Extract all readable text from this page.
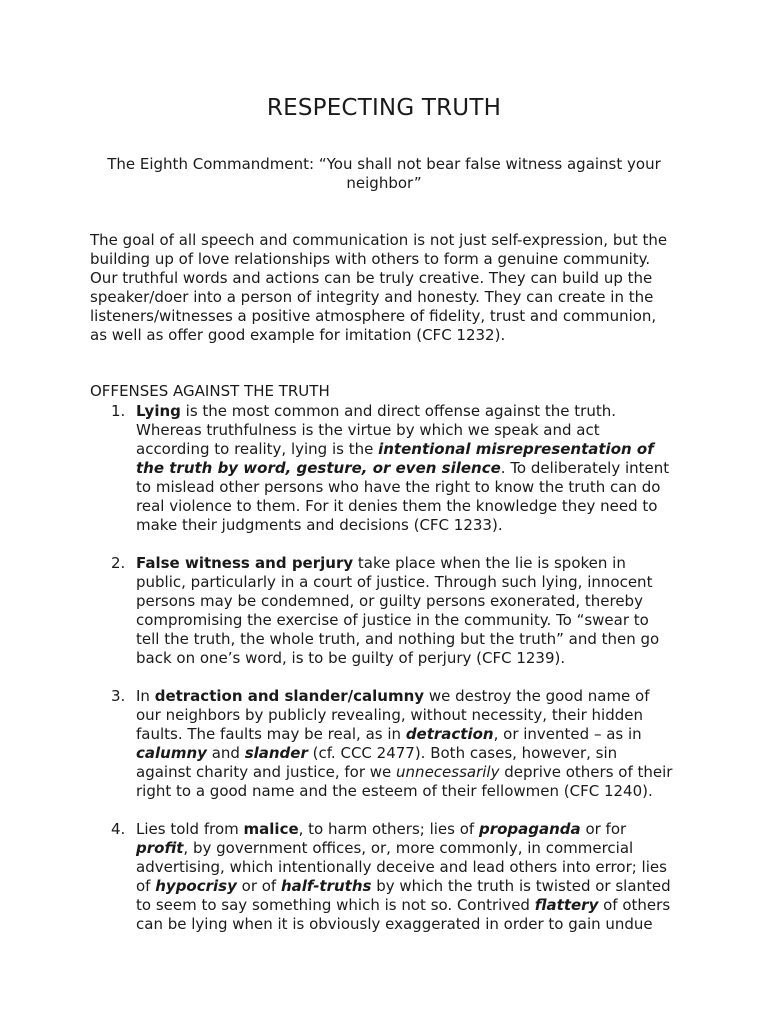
RESPECTING TRUTH
The Eighth Commandment: “You shall not bear false witness against your neighbor”

The goal of all speech and communication is not just self-expression, but the
building up of love relationships with others to form a genuine community.
Our truthful words and actions can be truly creative. They can build up the
speaker/doer into a person of integrity and honesty. They can create in the
listeners/witnesses a positive atmosphere of fidelity, trust and communion,
as well as offer good example for imitation (CFC 1232).

OFFENSES AGAINST THE TRUTH
1. Lying is the most common and direct offense against the truth.
Whereas truthfulness is the virtue by which we speak and act
according to reality, lying is the intentional misrepresentation of
the truth by word, gesture, or even silence. To deliberately intent
to mislead other persons who have the right to know the truth can do
real violence to them. For it denies them the knowledge they need to
make their judgments and decisions (CFC 1233).

2. False witness and perjury take place when the lie is spoken in
public, particularly in a court of justice. Through such lying, innocent
persons may be condemned, or guilty persons exonerated, thereby
compromising the exercise of justice in the community. To “swear to
tell the truth, the whole truth, and nothing but the truth” and then go
back on one’s word, is to be guilty of perjury (CFC 1239).

3. In detraction and slander/calumny we destroy the good name of
our neighbors by publicly revealing, without necessity, their hidden
faults. The faults may be real, as in detraction, or invented – as in
calumny and slander (cf. CCC 2477). Both cases, however, sin
against charity and justice, for we unnecessarily deprive others of their
right to a good name and the esteem of their fellowmen (CFC 1240).

4. Lies told from malice, to harm others; lies of propaganda or for
profit, by government offices, or, more commonly, in commercial
advertising, which intentionally deceive and lead others into error; lies
of hypocrisy or of half-truths by which the truth is twisted or slanted
to seem to say something which is not so. Contrived flattery of others
can be lying when it is obviously exaggerated in order to gain undue
